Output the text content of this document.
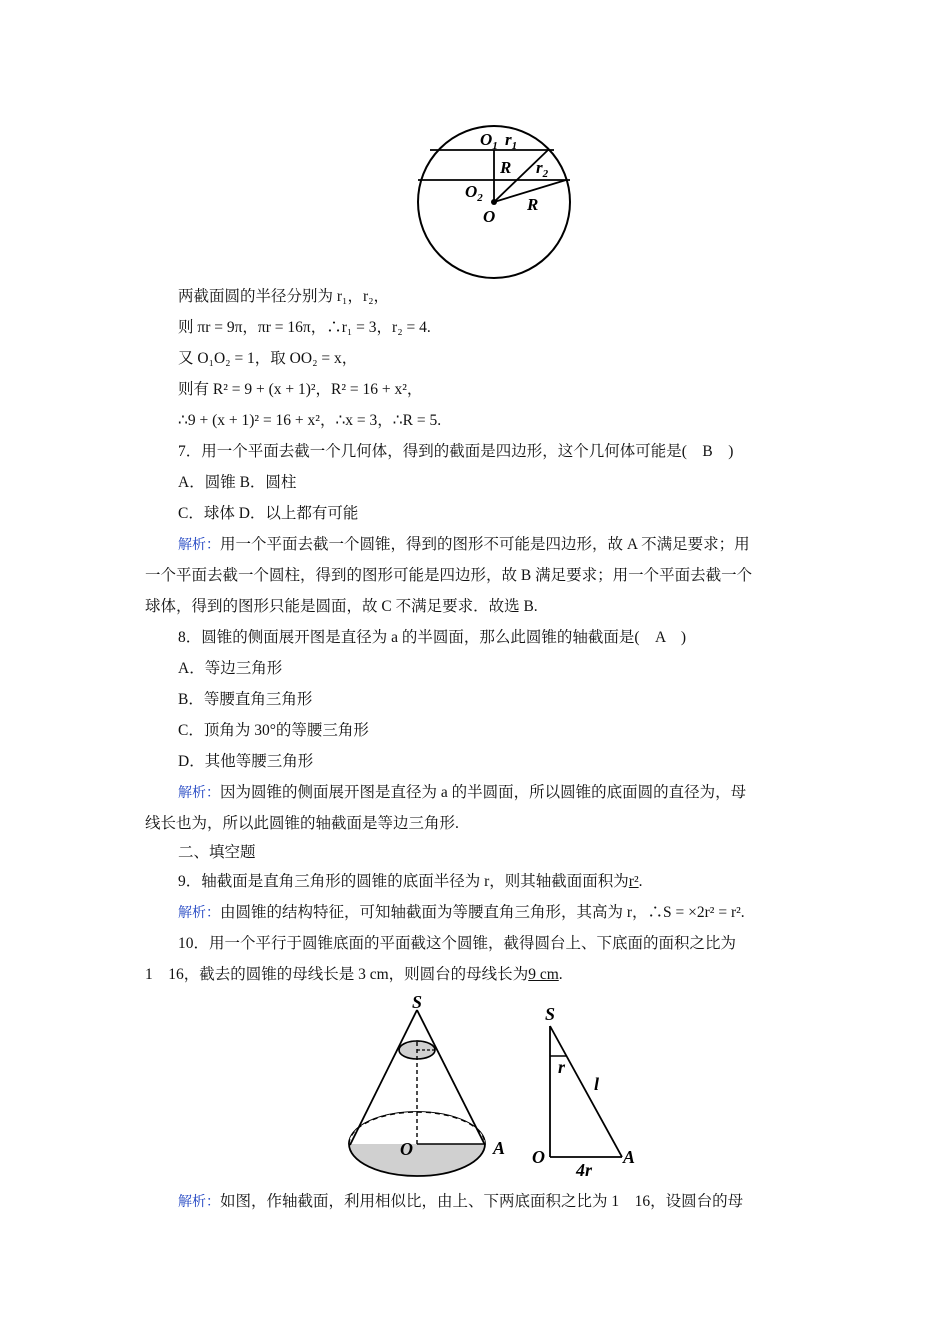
$O_1$ $r_1$
R $r_2$
$O_2$
O
R
两截面圆的半径分别为 r₁，r₂，
则 πr = 9π，πr = 16π，∴r₁ = 3，r₂ = 4.
又 O₁O₂ = 1，取 OO₂ = x，
则有 R² = 9 + (x + 1)²，R² = 16 + x²，
∴9 + (x + 1)² = 16 + x²，∴x = 3，∴R = 5.
7．用一个平面去截一个几何体，得到的截面是四边形，这个几何体可能是(　B　)
A．圆锥 B．圆柱
C．球体 D．以上都有可能
解析：用一个平面去截一个圆锥，得到的图形不可能是四边形，故 A 不满足要求；用
一个平面去截一个圆柱，得到的图形可能是四边形，故 B 满足要求；用一个平面去截一个
球体，得到的图形只能是圆面，故 C 不满足要求．故选 B.
8．圆锥的侧面展开图是直径为 a 的半圆面，那么此圆锥的轴截面是(　A　)
A．等边三角形
B．等腰直角三角形
C．顶角为 30°的等腰三角形
D．其他等腰三角形
解析：因为圆锥的侧面展开图是直径为 a 的半圆面，所以圆锥的底面圆的直径为，母
线长也为，所以此圆锥的轴截面是等边三角形.
二、填空题
9．轴截面是直角三角形的圆锥的底面半径为 r，则其轴截面面积为r².
解析：由圆锥的结构特征，可知轴截面为等腰直角三角形，其高为 r，∴S = ×2r² = r².
10．用一个平行于圆锥底面的平面截这个圆锥，截得圆台上、下底面的面积之比为
1　16，截去的圆锥的母线长是 3 cm，则圆台的母线长为9 cm.
S
O	A
S
r
l
O
4r
A
解析：如图，作轴截面，利用相似比，由上、下两底面积之比为 1　16，设圆台的母
